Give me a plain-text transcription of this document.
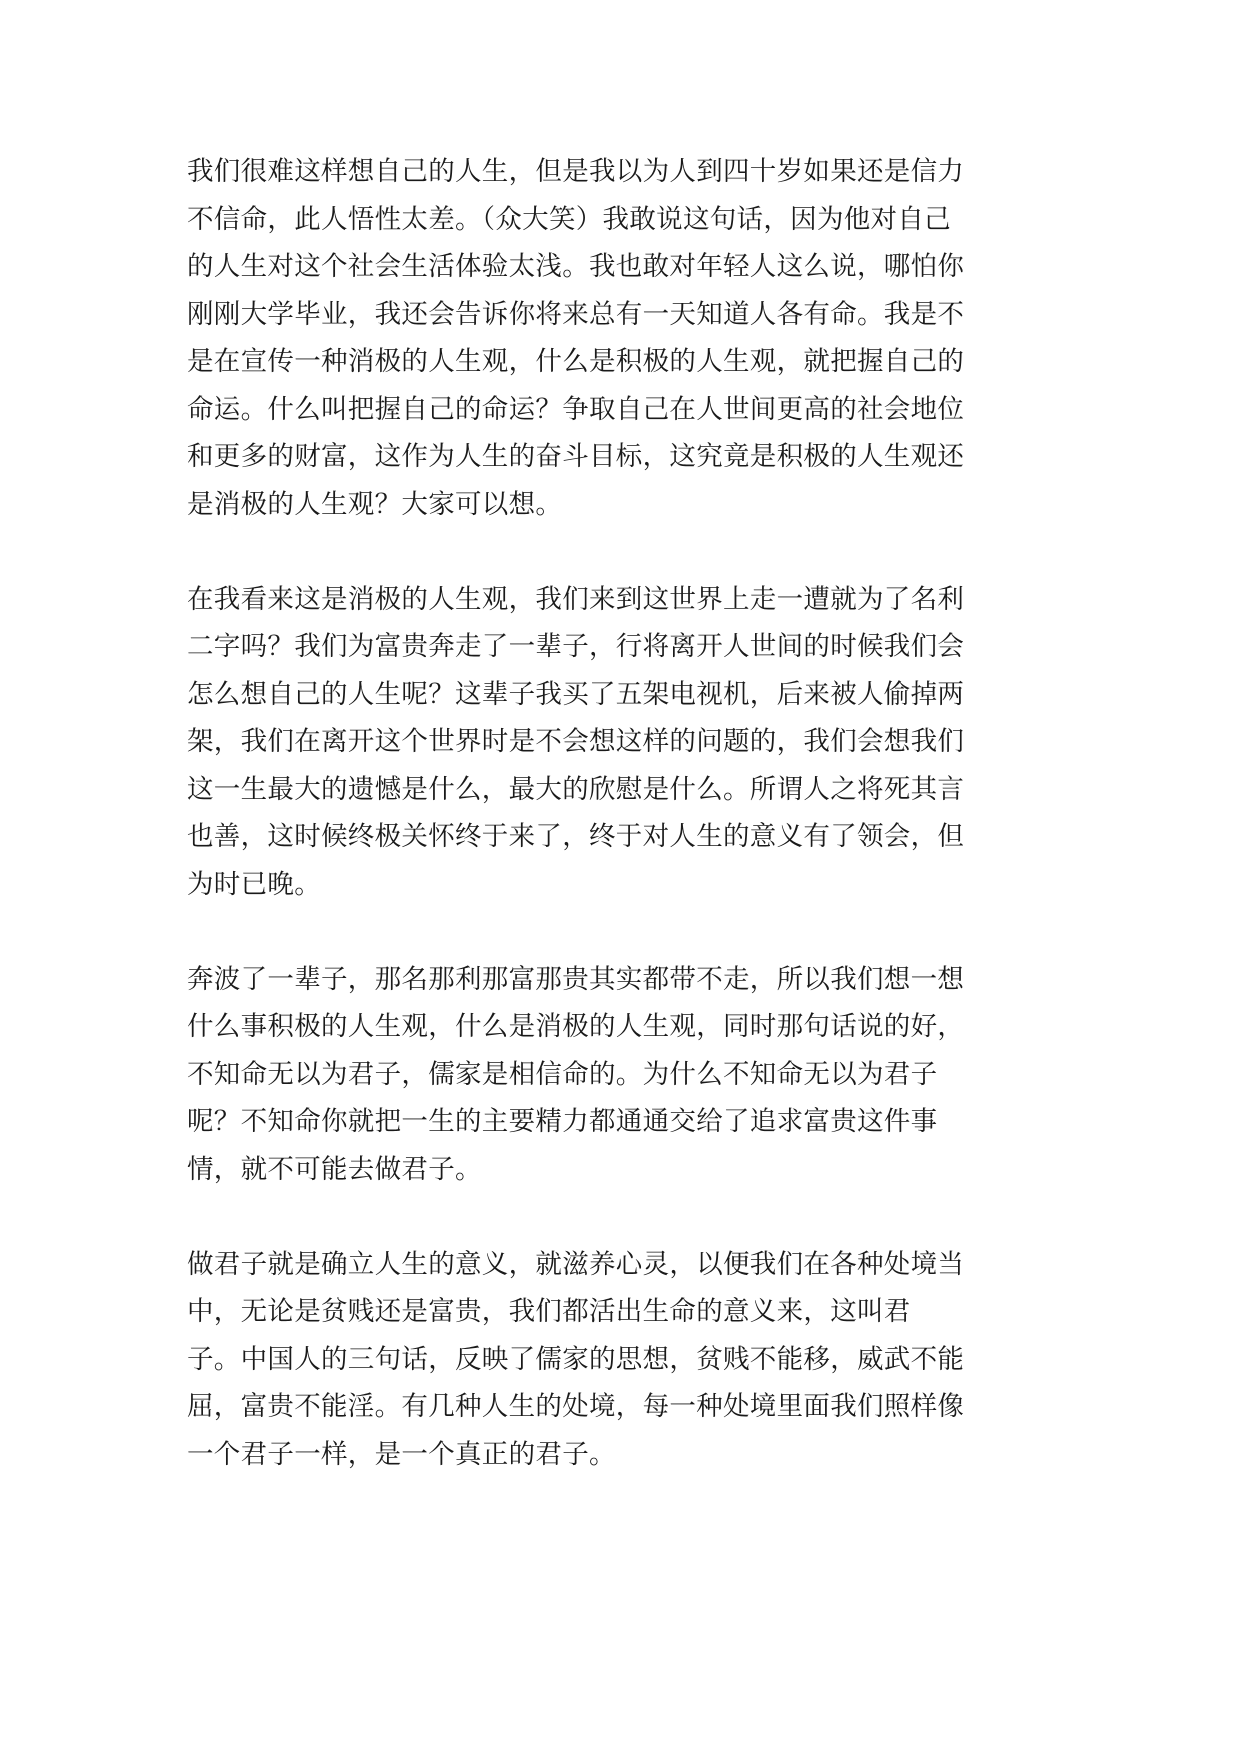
我们很难这样想自己的人生，但是我以为人到四十岁如果还是信力
不信命，此人悟性太差。（众大笑）我敢说这句话，因为他对自己
的人生对这个社会生活体验太浅。我也敢对年轻人这么说，哪怕你
刚刚大学毕业，我还会告诉你将来总有一天知道人各有命。我是不
是在宣传一种消极的人生观，什么是积极的人生观，就把握自己的
命运。什么叫把握自己的命运？争取自己在人世间更高的社会地位
和更多的财富，这作为人生的奋斗目标，这究竟是积极的人生观还
是消极的人生观？大家可以想。

在我看来这是消极的人生观，我们来到这世界上走一遭就为了名利
二字吗？我们为富贵奔走了一辈子，行将离开人世间的时候我们会
怎么想自己的人生呢？这辈子我买了五架电视机，后来被人偷掉两
架，我们在离开这个世界时是不会想这样的问题的，我们会想我们
这一生最大的遗憾是什么，最大的欣慰是什么。所谓人之将死其言
也善，这时候终极关怀终于来了，终于对人生的意义有了领会，但
为时已晚。

奔波了一辈子，那名那利那富那贵其实都带不走，所以我们想一想
什么事积极的人生观，什么是消极的人生观，同时那句话说的好，
不知命无以为君子，儒家是相信命的。为什么不知命无以为君子
呢？不知命你就把一生的主要精力都通通交给了追求富贵这件事
情，就不可能去做君子。

做君子就是确立人生的意义，就滋养心灵，以便我们在各种处境当
中，无论是贫贱还是富贵，我们都活出生命的意义来，这叫君
子。中国人的三句话，反映了儒家的思想，贫贱不能移，威武不能
屈，富贵不能淫。有几种人生的处境，每一种处境里面我们照样像
一个君子一样，是一个真正的君子。
